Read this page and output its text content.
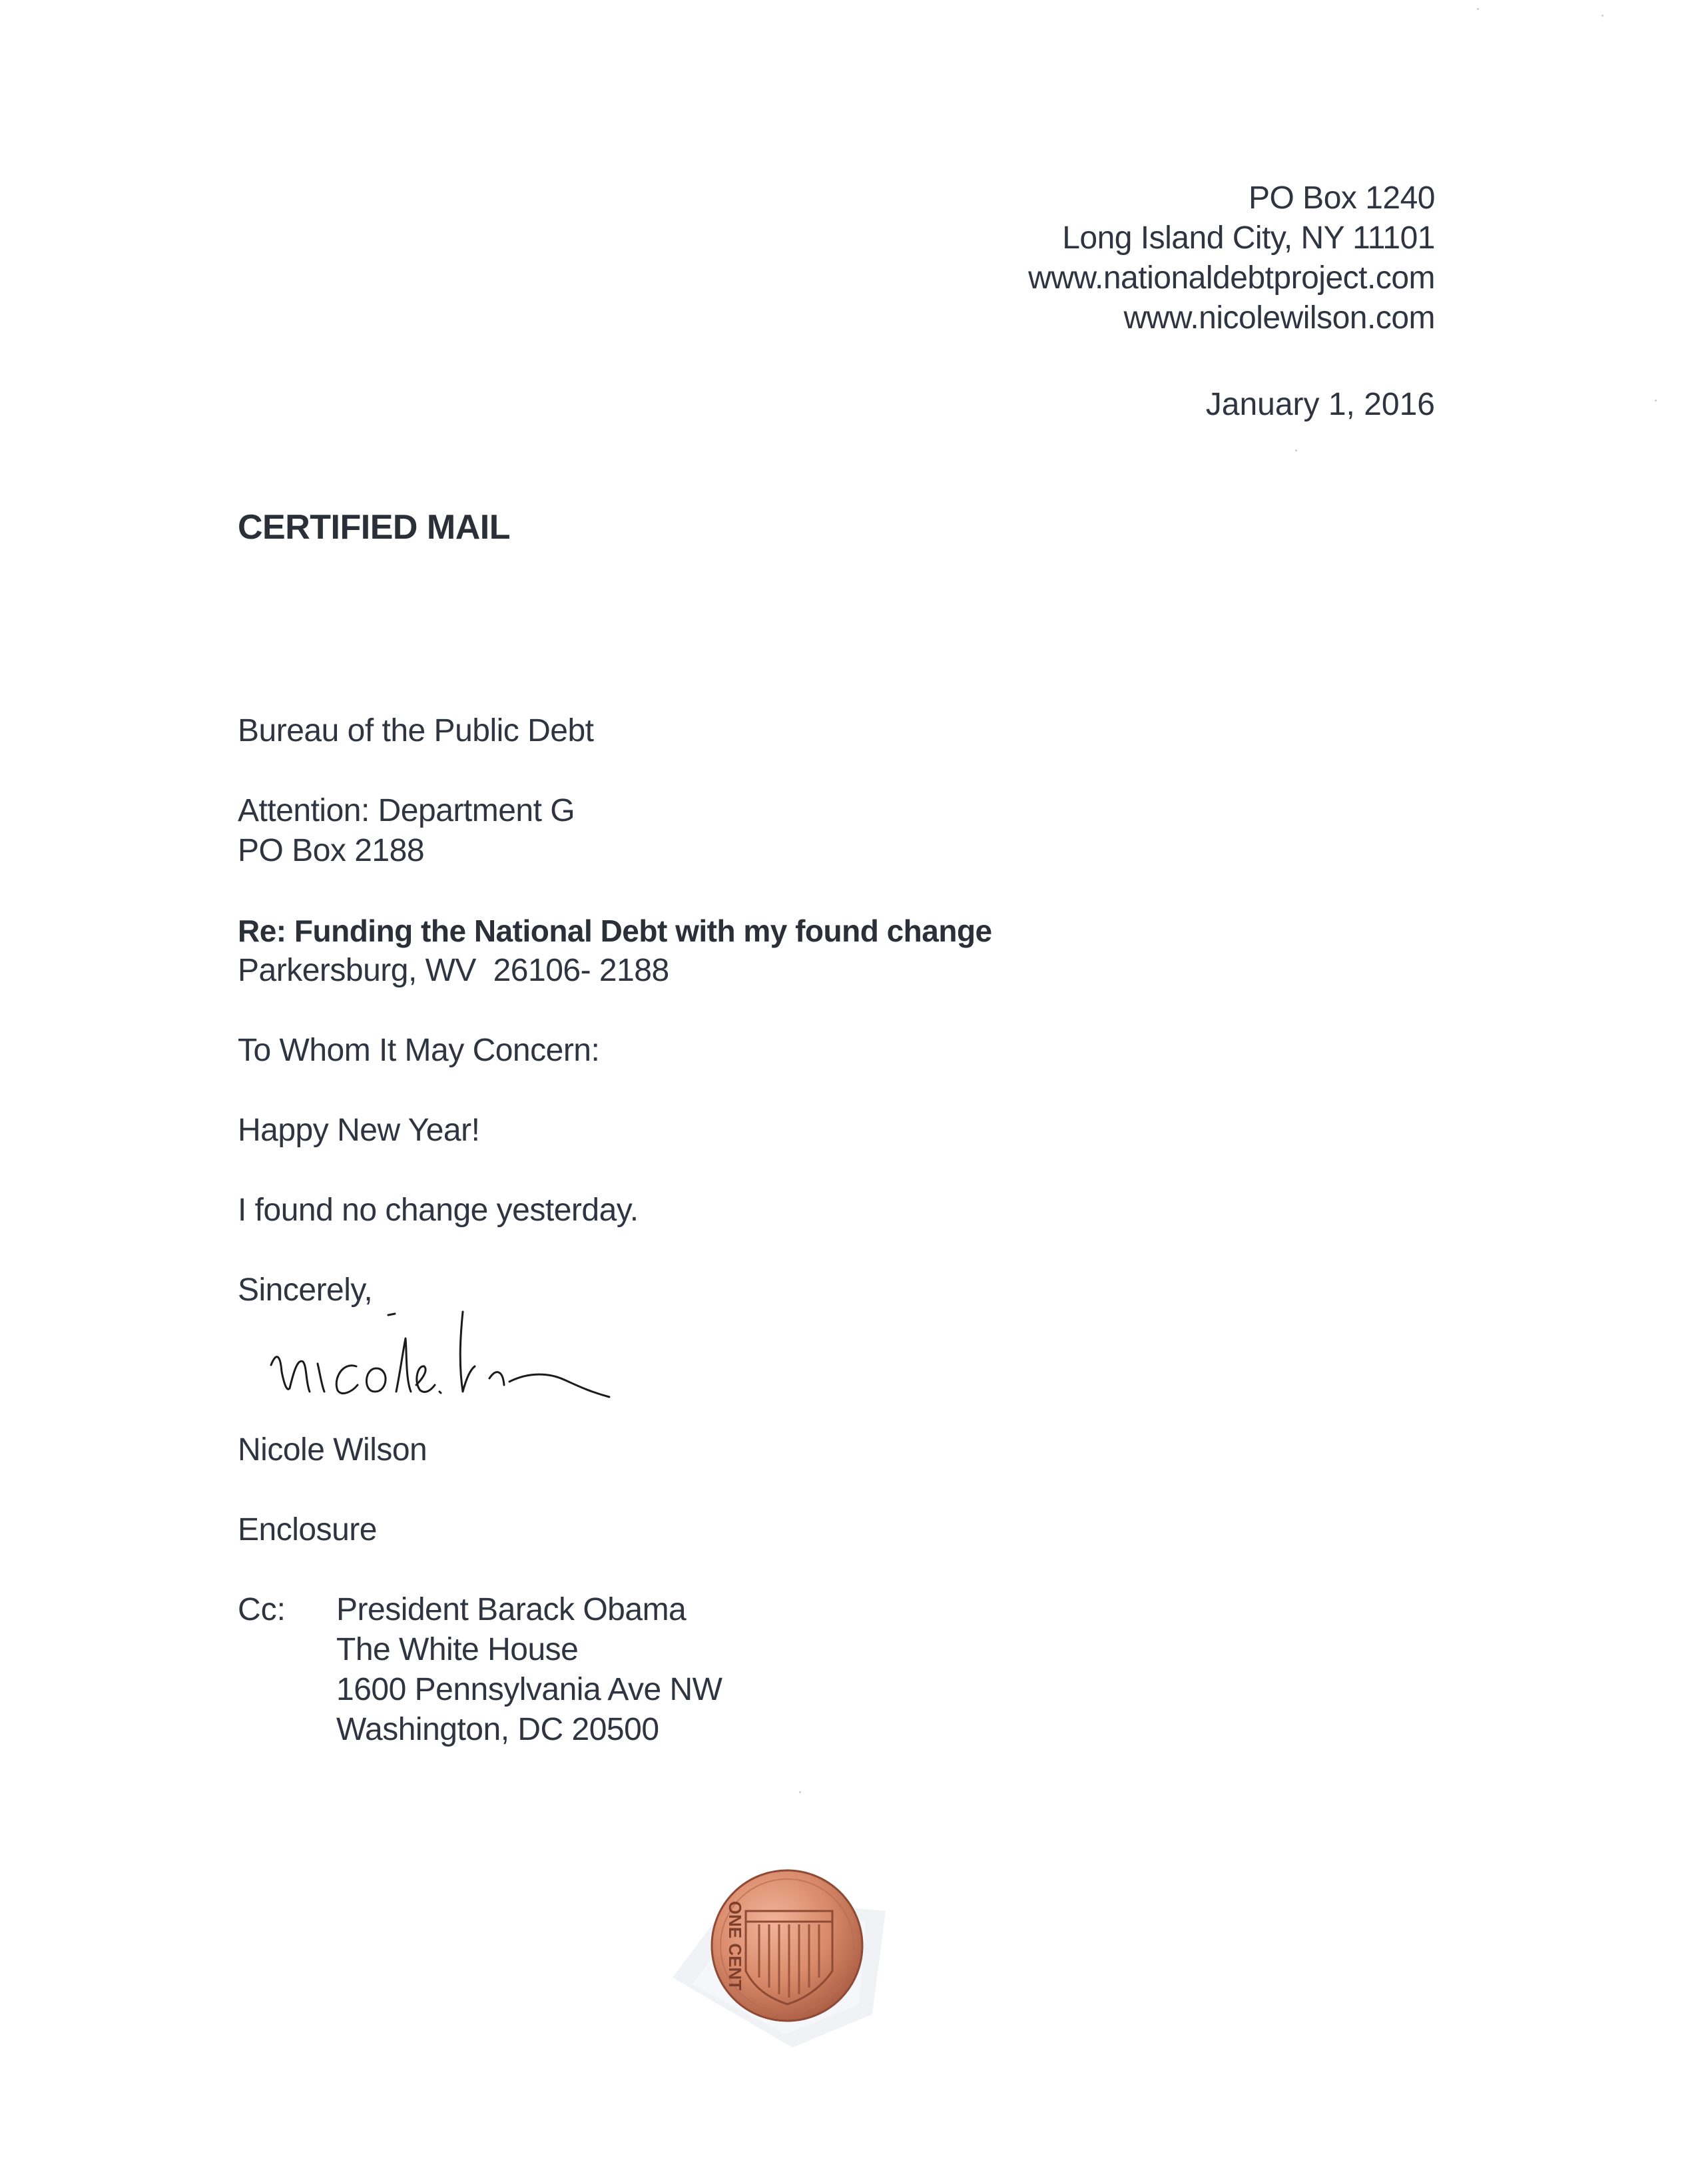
PO Box 1240
Long Island City, NY 11101
www.nationaldebtproject.com
www.nicolewilson.com
January 1, 2016
CERTIFIED MAIL

Bureau of the Public Debt

PO Box 2188

Parkersburg, WV  26106- 2188

Attention: Department G
Re: Funding the National Debt with my found change
To Whom It May Concern:
Happy New Year!
I found no change yesterday.
Sincerely,
Nicole Wilson
Enclosure
Cc: President Barack Obama
The White House
1600 Pennsylvania Ave NW
Washington, DC 20500
ONE CENT
